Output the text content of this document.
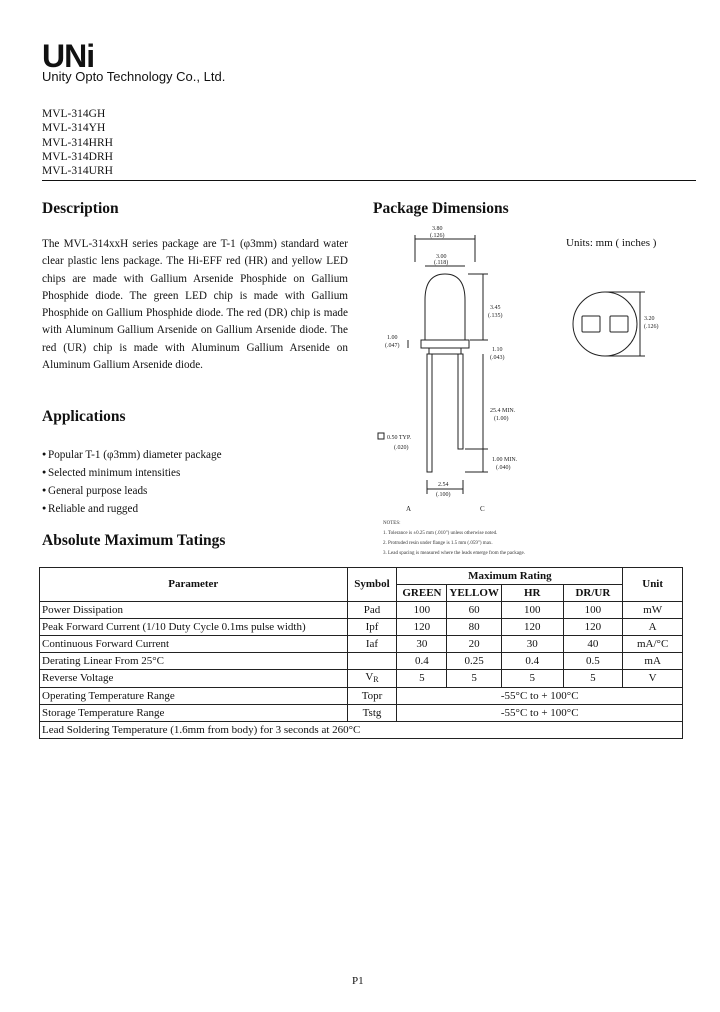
UNi
Unity Opto Technology Co., Ltd.
MVL-314GH
MVL-314YH
MVL-314HRH
MVL-314DRH
MVL-314URH
Description
The MVL-314xxH series package are T-1 (φ3mm) standard water clear plastic lens package. The Hi-EFF red (HR) and yellow LED chips are made with Gallium Arsenide Phosphide on Gallium Phosphide diode. The green LED chip is made with Gallium Phosphide on Gallium Phosphide diode. The red (DR) chip is made with Aluminum Gallium Arsenide on Gallium Arsenide diode. The red (UR) chip is made with Aluminum Gallium Arsenide on Aluminum Gallium Arsenide diode.
Applications
● Popular T-1 (φ3mm) diameter package
● Selected minimum intensities
● General purpose leads
● Reliable and rugged
Package Dimensions
Units: mm ( inches )
3.80
(.126)
3.00
(.118)
3.45
(.135)
1.00
(.047)
1.10
(.043)
25.4 MIN.
(1.00)
0.50 TYP.
(.020)
1.00 MIN.
(.040)
2.54
(.100)
A	C
3.20
(.126)
NOTES:
1. Tolerance is ±0.25 mm (.010") unless otherwise noted.
2. Protruded resin under flange is 1.5 mm (.059") max.
3. Lead spacing is measured where the leads emerge from the package.
Absolute Maximum Tatings
Parameter	Symbol	Maximum Rating				Unit
		GREEN	YELLOW	HR	DR/UR	
Power Dissipation	Pad	100	60	100	100	mW
Peak Forward Current (1/10 Duty Cycle 0.1ms pulse width)	Ipf	120	80	120	120	A
Continuous Forward Current	Iaf	30	20	30	40	mA/°C
Derating Linear From 25°C		0.4	0.25	0.4	0.5	mA
Reverse Voltage	$V_R$	5	5	5	5	V
Operating Temperature Range	Topr	-55°C to + 100°C				
Storage Temperature Range	Tstg	-55°C to + 100°C				
Lead Soldering Temperature (1.6mm from body) for 3 seconds at 260°C						
P1
